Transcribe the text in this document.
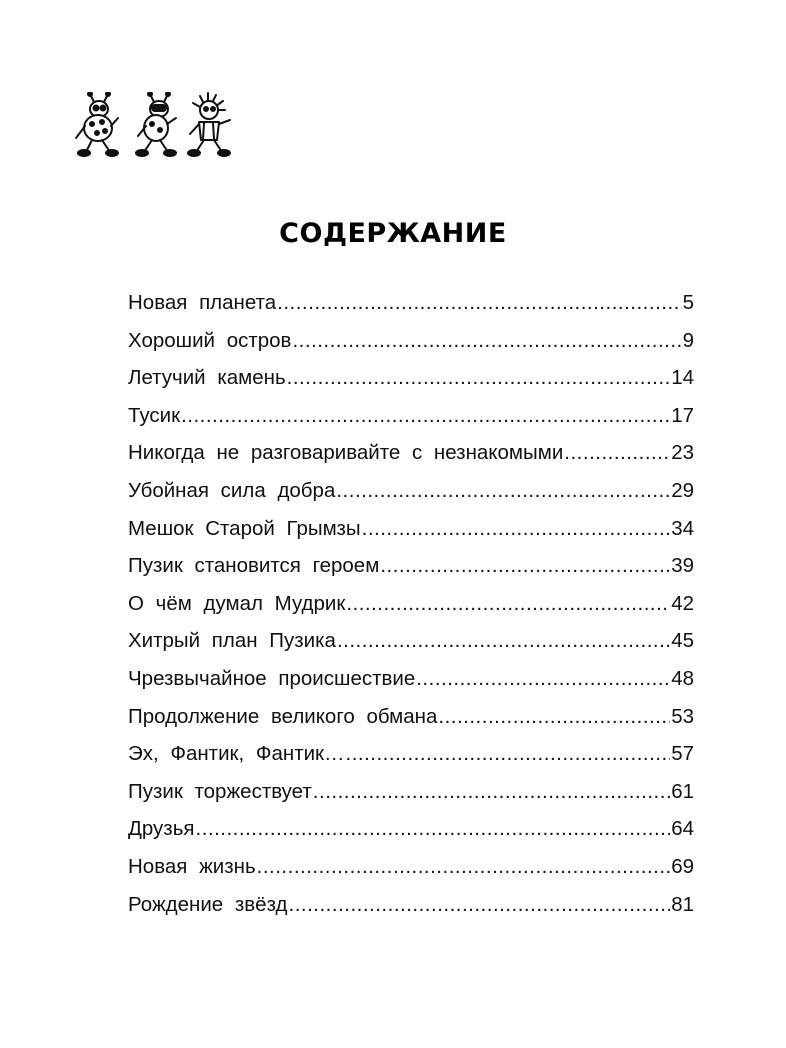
СОДЕРЖАНИЕ
Новая планета .....	5
Хороший остров .....	9
Летучий камень .....	14
Тусик .....	17
Никогда не разговаривайте с незнакомыми .....	23
Убойная сила добра .....	29
Мешок Старой Грымзы .....	34
Пузик становится героем .....	39
О чём думал Мудрик .....	42
Хитрый план Пузика .....	45
Чрезвычайное происшествие .....	48
Продолжение великого обмана .....	53
Эх, Фантик, Фантик… .....	57
Пузик торжествует .....	61
Друзья .....	64
Новая жизнь .....	69
Рождение звёзд .....	81
